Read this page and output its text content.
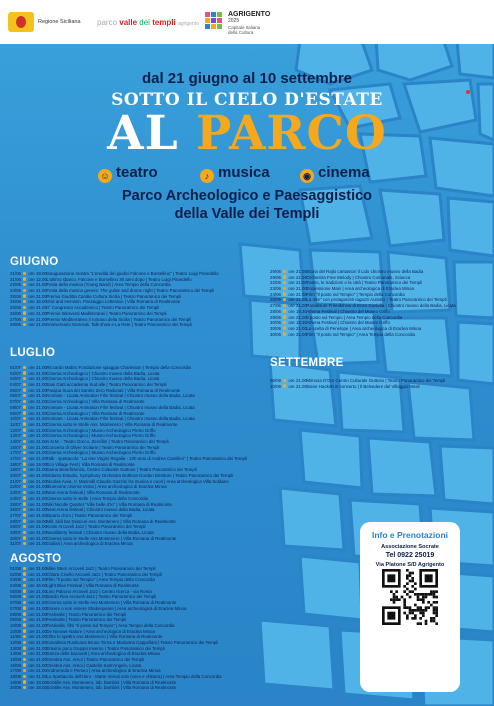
Regione Siciliana parco valle dei templi agrigento
AGRIGENTO
2025
Capitale Italiana
della Cultura
dal 21 giugno al 10 settembre
SOTTO IL CIELO D'ESTATE
AL PARCO
☺ teatro	♪ musica	◉ cinema
Parco Archeologico e Paesaggistico
della Valle dei Templi
GIUGNO
21/06 ore 19.00Inaugurazione mostra "L'eredità dei giudici Falcone e Borsellino" | Teatro Luigi Pirandello
21/06 ore 12.00L'ultimo sbarco. Falcone e Borsellino 30 anni dopo | Teatro Luigi Pirandello
22/06 ore 21.00Festa della musica (Young Band) | Area Tempio della Concordia
24/06 ore 21.00Festa della musica genere: The guitar and drums night | Teatro Panoramico dei Templi
25/06 ore 21.00Premio Giuditta Cardile Cultura Sicilia | Teatro Panoramico dei Templi
25/06 ore 16.00Visit and Heroism. Passaggio Letterario | Villa Romana di Realmonte
25/06 ore 21.00II° Congresso Accademico | Teatro Panoramico dei Templi
26/06 ore 21.00Premio Interventi Mediterranei | Teatro Panoramico dei Templi
27/06 ore 21.00Premio Mediterraneo il romano della Sicilia | Teatro Panoramico dei Templi
28/06 ore 21.00Anniversario Generali. Talk show e La Rete | Teatro Panoramico dei Templi
29/06 ore 21.00Storia del Rajlo cantastori Il Lido chiostro museo della Badia
29/06 ore 21.00Orchestra Free Melody | Chiostro Comunale, Sciacca
22/06 ore 21.00Teatro, le tradizioni e la città | Teatro Panoramico dei Templi
23/06 ore 21.00Espressione Mani | Area archeologica di Eraclea Minoa
24/06 ore 21.00Film "Il posto sul Tempio" | Tempio della Concordia
25/06 ore 21.00La rete" con protagonisti ragazzi Autistici | Teatro Panoramico dei Templi
27/06 ore 21.00Paradisum Friendshow di Enzo Gimbilla | Chiostro museo della Badia, Licata
28/06 ore 18.30Athena Festival | Chiostro del Museo Griffo
29/06 ore 21.00Il posto sul Tempio | Area Tempio della Concordia
30/06 ore 18.30Athena Festival | Chiostro del Museo Griffo
30/06 ore 21.00La scelta di Penelope | Area archeologica di Eraclea Minoa
30/06 ore 21.00Film "Il posto sul Tempio" | Area Tempio della Concordia
LUGLIO
01/07 ore 21.00Riccardo Mabru Fondazione spiaggia Charleston | Tempio della Concordia
02/07 ore 21.00Cinema Archeologico | Chiostro museo della Badia, Licata
03/07 ore 21.00Cinema Archeologico | Chiostro museo della Badia, Licata
04/07 ore 21.00Sani Gatti accademia Sud alle | Teatro Panoramico dei Templi
05/07 ore 21.00Pasqua Suoa dei Santini Zero Radunati | Villa Romana di Realmonte
06/07 ore 21.00Animare - Licata Animation Film festival | Chiostro museo della Badia, Licata
07/07 ore 21.00Cinema Archeologico | Villa Romana di Realmonte
08/07 ore 21.00Animare - Licata Animation Film festival | Chiostro museo della Badia, Licata
09/07 ore 21.00Cinema Archeologico | Villa Romana di Realmonte
10/07 ore 21.00Animare - Licata Animation Film festival | Chiostro museo della Badia, Licata
11/07 ore 21.00Cinema sotto le Stelle Ass. Montenero | Villa Romana di Realmonte
12/07 ore 21.00Cinema Archeologico | Museo Archeologico Pietro Griffo
13/07 ore 21.00Cinema Archeologico | Museo Archeologico Pietro Griffo
14/07 ore 21.00A.N.M. - Teatro Greco, Zerofilm | Teatro Panoramico dei Templi
15/07 ore 21.00Concerto di Oliver Incitarie | Teatro Panoramico dei Templi
17/07 ore 21.00Cinema Archeologico | Museo Archeologico Pietro Griffo
17/07 ore 21.00Talk - spettacolo: "La rete Virgini Regalia - 100 anni di Andrea Camilleri" | Teatro Panoramico dei Templi
18/07 ore 19.00Eco Village Fest | Villa Romana di Realmonte
19/07 ore 21.00Dama Benefizienza, Centro Culturale Guttuso | Teatro Panoramico dei Templi
20/07 ore 21.00Vidarno Estudio, Symphony Orchestra Buthera-Gorden Direttore | Teatro Panoramico dei Templi
21/07 ore 21.00Nicolas Avva, V. Marinolli Claudio Gazzini fra musica e cuori | Area archeologica Villa Soldano
22/07 ore 21.00Bluenome cinema Vento | Area archeologica di Eraclea Minoa
23/07 ore 21.00Neal Arena festival | Villa Romana di Realmonte
24/07 ore 21.00Cinema sotto le stelle | Area Tempio della Concordia
25/07 ore 21.00Niki Nicolle Quartet "Ville belle d'Io" | Villa Romana di Realmonte
26/07 ore 21.00Neal Arena festival | Chiostro museo della Badia, Licata
27/07 ore 21.00Sipario d'oro | Teatro Panoramico dei Templi
28/07 ore 19.00Mill. skill bar Dioscuri Ass. Montenero | Villa Romana di Realmonte
28/07 ore 21.00Kevin Arcoveli Jazz | Teatro Panoramico dei Templi
28/07 ore 21.00Neutliberty festival | Chiostro museo della Badia, Licata
30/07 ore 21.00Cinema sotto le Stelle Ass.Montenero | Villa Romana di Realmonte
31/07 ore 21.00Giullari | Area archeologica di Eraclea Minoa
SETTEMBRE
06/09 ore 21.00Mimosa D'Oro Centro Culturale Guttuso | Teatro Panoramico dei Templi
10/09 ore 21.00Steve Hackett in concerto | Il Belvedere del Villaggio Mosè
AGOSTO
01/08 ore 21.00Mike Stern Arcoveli Jazz | Teatro Panoramico dei Templi
02/08 ore 21.00Chiara Civello Arcoveli Jazz | Teatro Panoramico dei Templi
03/08 ore 21.00Film "Il posto sul Tempio" | Area Tempio della Concordia
04/08 ore 16.00Light Blue Festival | Villa Romana di Realmonte
05/08 ore 21.00Lino Patruno Arcoveli Jazz | Centro ricerca - via Roma
06/08 ore 21.00Danilo Rea Arcoveli Jazz | Teatro Panoramico dei Templi
07/08 ore 21.00Cinema sotto le Stelle Ass.Montenero | Villa Romana di Realmonte
07/08 ore 21.00Essere o non essere Shakespeare | Area archeologica di Eraclea Minoa
08/08 ore 21.00Festivalle | Teatro Panoramico dei Templi
09/08 ore 21.00Festivalle | Teatro Panoramico dei Templi
10/08 ore 21.00Festivalle, film "Il posto sul Tempio" | Area Tempio della Concordia
10/08 ore 21.00De Nieuwe Nature | Area archeologica di Eraclea Minoa
11/08 ore 21.00Oltre lo spettro Ass.Montenero | Villa Romana di Realmonte
12/08 ore 21.00Cavalleria Rusticana Bruno Torna e Marianna Cappellani | Teatro Panoramico dei Templi
13/08 ore 21.00Eravino paco Gruppo Inverso | Teatro Panoramico dei Templi
14/08 ore 21.00Danza delle baccanti | Area archeologica di Eraclea Minoa
15/08 ore 21.00Orestea Ass. Arnoi | Teatro Panoramico dei Templi
16/08 ore 21.00Orestea Ass. Arnoi | Castello Sant'Angelo, Licata
17/08 ore 21.00Andromeda e Perseo | Area archeologica di Eraclea Minoa
18/08 ore 21.00Lo Spettacolo dell'Uliro - Marte Venuti solo (voce e chitarra) | Area Tempio della Concordia
19/08 ore 18.00Scintille Ass. Montenero, lab. bambini | Villa Romana di Realmonte
20/08 ore 18.00Scintille Ass. Montenero, lab. bambini | Villa Romana di Realmonte
Info e Prenotazioni
Associazione Socrate
Tel 0922 25019
Via Platone S/D Agrigento
